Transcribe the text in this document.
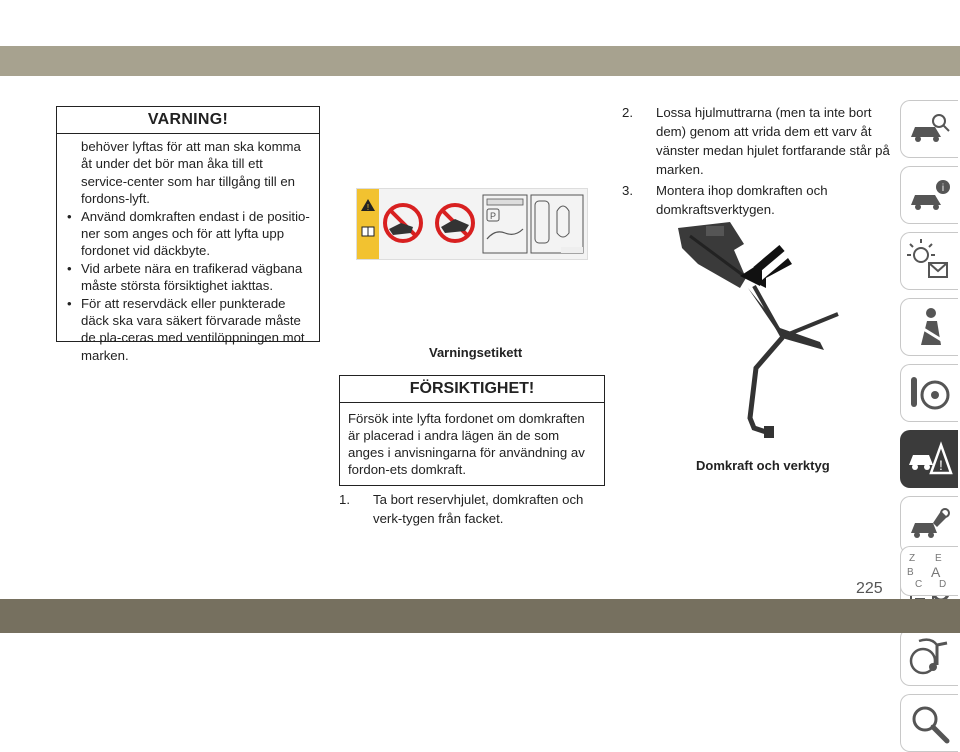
VARNING!

behöver lyftas för att man ska komma åt under det bör man åka till ett service-center som har tillgång till en fordons-lyft.

• Använd domkraften endast i de positio-ner som anges och för att lyfta upp fordonet vid däckbyte.
• Vid arbete nära en trafikerad vägbana måste största försiktighet iakttas.
• För att reservdäck eller punkterade däck ska vara säkert förvarade måste de pla-ceras med ventilöppningen mot marken.
!
P
Varningsetikett
FÖRSIKTIGHET!
Försök inte lyfta fordonet om domkraften är placerad i andra lägen än de som anges i anvisningarna för användning av fordon-ets domkraft.
1.	Ta bort reservhjulet, domkraften och verk-tygen från facket.
2.	Lossa hjulmuttrarna (men ta inte bort dem) genom att vrida dem ett varv åt vänster medan hjulet fortfarande står på marken.
3.	Montera ihop domkraften och domkraftsverktygen.
Domkraft och verktyg
i
!
Z E
B A
C D
225
